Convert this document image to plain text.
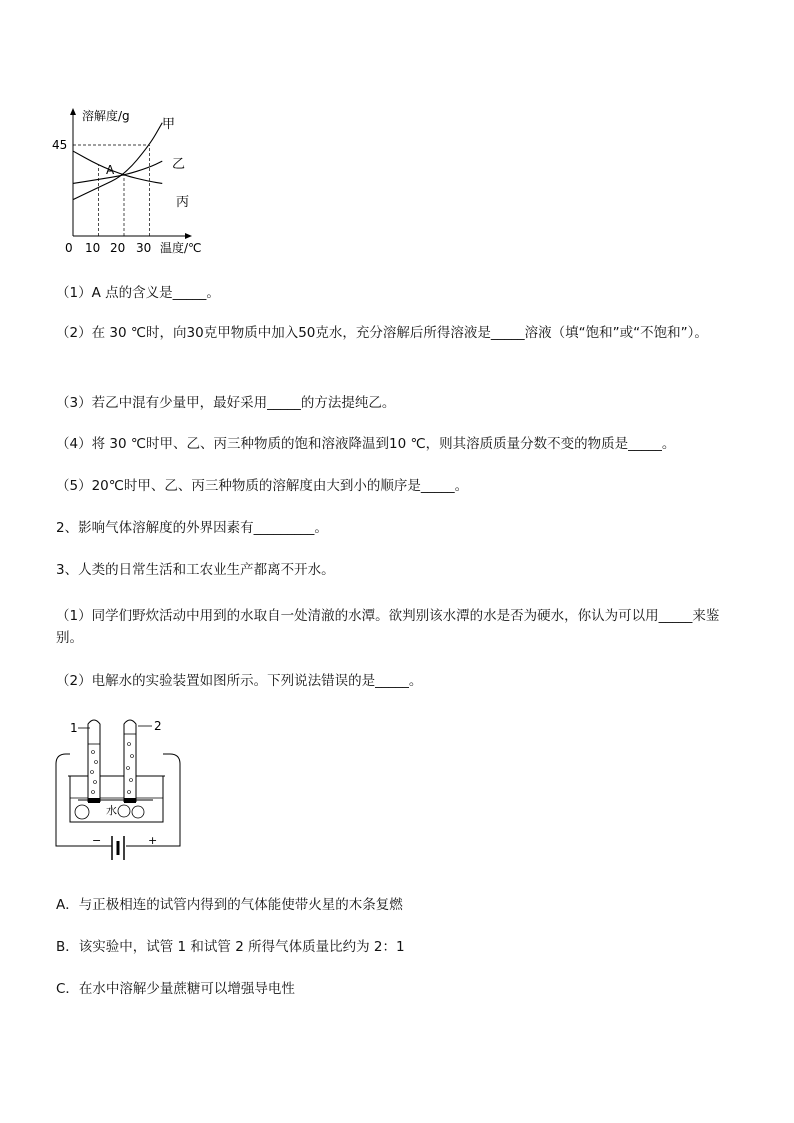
溶解度/g
温度/℃
45
0 10 20 30
A
甲
乙
丙
（1）A 点的含义是_____。
（2）在 30 ℃时，向30克甲物质中加入50克水，充分溶解后所得溶液是_____溶液（填“饱和”或“不饱和”）。
（3）若乙中混有少量甲，最好采用_____的方法提纯乙。
（4）将 30 ℃时甲、乙、丙三种物质的饱和溶液降温到10 ℃，则其溶质质量分数不变的物质是_____。
（5）20℃时甲、乙、丙三种物质的溶解度由大到小的顺序是_____。
2、影响气体溶解度的外界因素有_________。
3、人类的日常生活和工农业生产都离不开水。
（1）同学们野炊活动中用到的水取自一处清澈的水潭。欲判别该水潭的水是否为硬水，你认为可以用_____来鉴别。
（2）电解水的实验装置如图所示。下列说法错误的是_____。
−	+
水
1	2
A．与正极相连的试管内得到的气体能使带火星的木条复燃
B．该实验中，试管 1 和试管 2 所得气体质量比约为 2：1
C．在水中溶解少量蔗糖可以增强导电性
